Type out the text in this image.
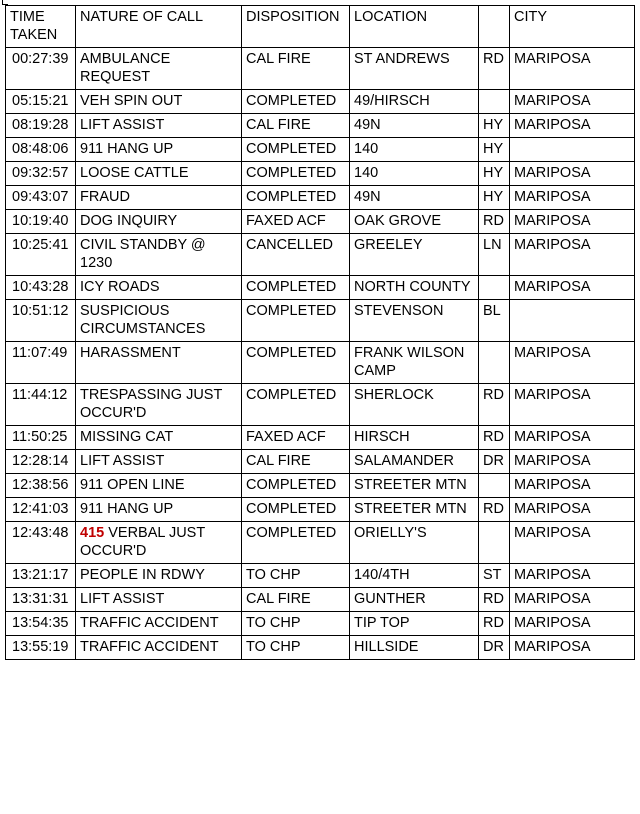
TIME TAKEN	NATURE OF CALL	DISPOSITION	LOCATION		CITY
00:27:39	AMBULANCE REQUEST	CAL FIRE	ST ANDREWS	RD	MARIPOSA
05:15:21	VEH SPIN OUT	COMPLETED	49/HIRSCH		MARIPOSA
08:19:28	LIFT ASSIST	CAL FIRE	49N	HY	MARIPOSA
08:48:06	911 HANG UP	COMPLETED	140	HY	
09:32:57	LOOSE CATTLE	COMPLETED	140	HY	MARIPOSA
09:43:07	FRAUD	COMPLETED	49N	HY	MARIPOSA
10:19:40	DOG INQUIRY	FAXED ACF	OAK GROVE	RD	MARIPOSA
10:25:41	CIVIL STANDBY @ 1230	CANCELLED	GREELEY	LN	MARIPOSA
10:43:28	ICY ROADS	COMPLETED	NORTH COUNTY		MARIPOSA
10:51:12	SUSPICIOUS CIRCUMSTANCES	COMPLETED	STEVENSON	BL	
11:07:49	HARASSMENT	COMPLETED	FRANK WILSON CAMP		MARIPOSA
11:44:12	TRESPASSING JUST OCCUR'D	COMPLETED	SHERLOCK	RD	MARIPOSA
11:50:25	MISSING CAT	FAXED ACF	HIRSCH	RD	MARIPOSA
12:28:14	LIFT ASSIST	CAL FIRE	SALAMANDER	DR	MARIPOSA
12:38:56	911 OPEN LINE	COMPLETED	STREETER MTN		MARIPOSA
12:41:03	911 HANG UP	COMPLETED	STREETER MTN	RD	MARIPOSA
12:43:48	415 VERBAL JUST OCCUR'D	COMPLETED	ORIELLY'S		MARIPOSA
13:21:17	PEOPLE IN RDWY	TO CHP	140/4TH	ST	MARIPOSA
13:31:31	LIFT ASSIST	CAL FIRE	GUNTHER	RD	MARIPOSA
13:54:35	TRAFFIC ACCIDENT	TO CHP	TIP TOP	RD	MARIPOSA
13:55:19	TRAFFIC ACCIDENT	TO CHP	HILLSIDE	DR	MARIPOSA
